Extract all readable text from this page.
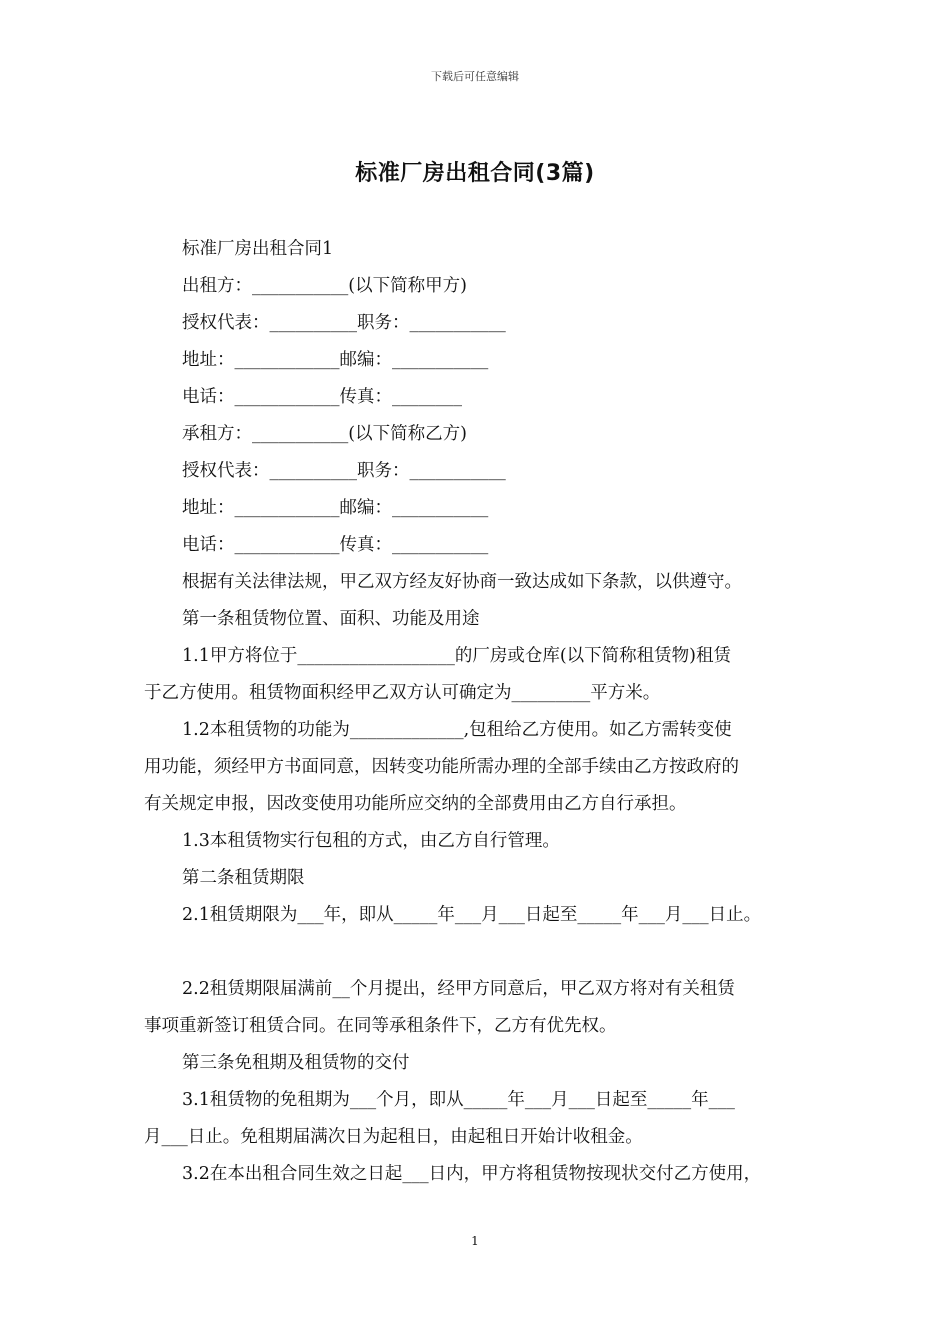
下载后可任意编辑
标准厂房出租合同(3篇)
标准厂房出租合同1
出租方：___________(以下简称甲方)
授权代表：__________职务：___________
地址：____________邮编：___________
电话：____________传真：________
承租方：___________(以下简称乙方)
授权代表：__________职务：___________
地址：____________邮编：___________
电话：____________传真：___________
根据有关法律法规，甲乙双方经友好协商一致达成如下条款，以供遵守。
第一条租赁物位置、面积、功能及用途
1.1甲方将位于__________________的厂房或仓库(以下简称租赁物)租赁
于乙方使用。租赁物面积经甲乙双方认可确定为_________平方米。
1.2本租赁物的功能为_____________,包租给乙方使用。如乙方需转变使
用功能，须经甲方书面同意，因转变功能所需办理的全部手续由乙方按政府的
有关规定申报，因改变使用功能所应交纳的全部费用由乙方自行承担。
1.3本租赁物实行包租的方式，由乙方自行管理。
第二条租赁期限
2.1租赁期限为___年，即从_____年___月___日起至_____年___月___日止。
2.2租赁期限届满前__个月提出，经甲方同意后，甲乙双方将对有关租赁
事项重新签订租赁合同。在同等承租条件下，乙方有优先权。
第三条免租期及租赁物的交付
3.1租赁物的免租期为___个月，即从_____年___月___日起至_____年___
月___日止。免租期届满次日为起租日，由起租日开始计收租金。
3.2在本出租合同生效之日起___日内，甲方将租赁物按现状交付乙方使用，
1
